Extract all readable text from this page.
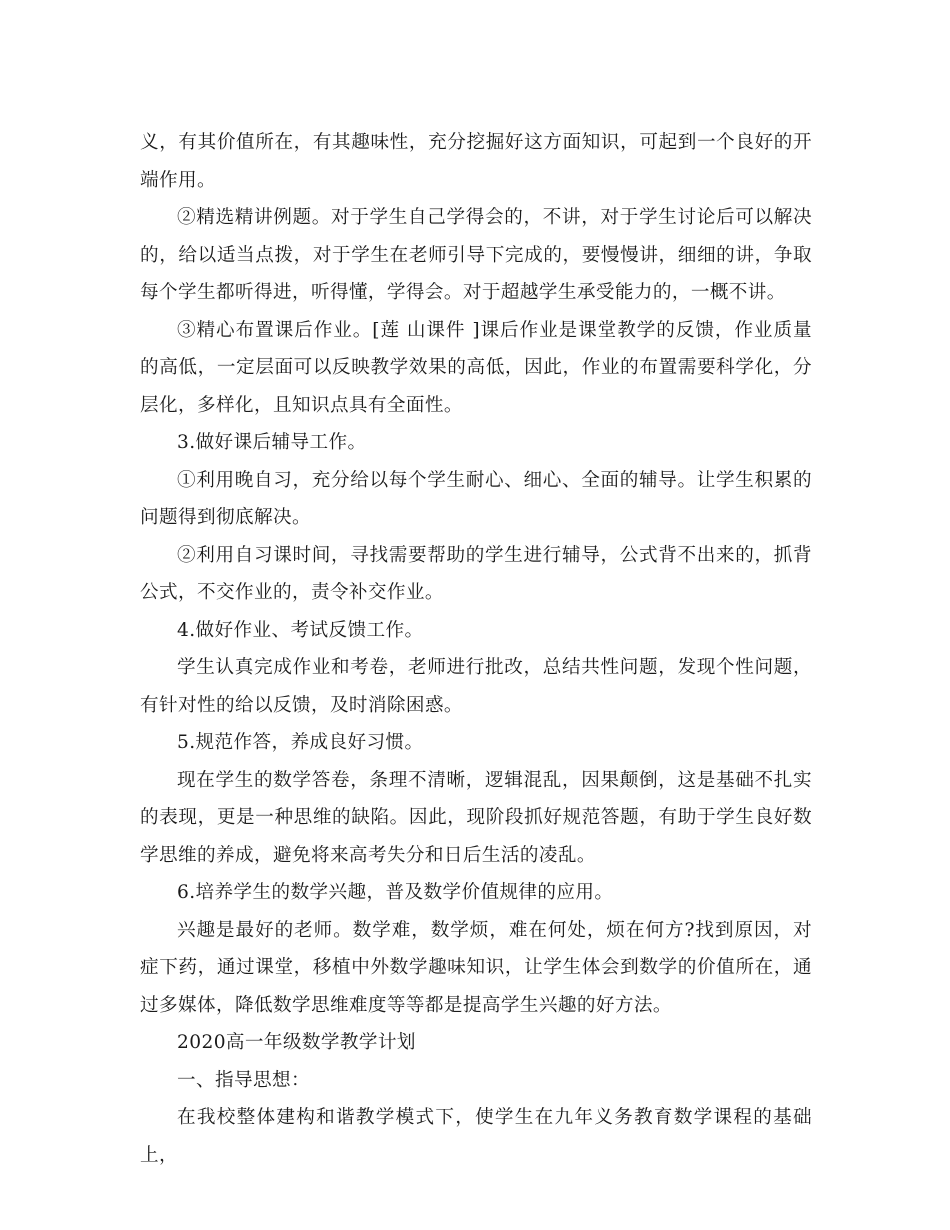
义，有其价值所在，有其趣味性，充分挖掘好这方面知识，可起到一个良好的开端作用。

②精选精讲例题。对于学生自己学得会的，不讲，对于学生讨论后可以解决的，给以适当点拨，对于学生在老师引导下完成的，要慢慢讲，细细的讲，争取每个学生都听得进，听得懂，学得会。对于超越学生承受能力的，一概不讲。

③精心布置课后作业。[莲 山课件 ]课后作业是课堂教学的反馈，作业质量的高低，一定层面可以反映教学效果的高低，因此，作业的布置需要科学化，分层化，多样化，且知识点具有全面性。

3.做好课后辅导工作。

①利用晚自习，充分给以每个学生耐心、细心、全面的辅导。让学生积累的问题得到彻底解决。

②利用自习课时间，寻找需要帮助的学生进行辅导，公式背不出来的，抓背公式，不交作业的，责令补交作业。

4.做好作业、考试反馈工作。

学生认真完成作业和考卷，老师进行批改，总结共性问题，发现个性问题，有针对性的给以反馈，及时消除困惑。

5.规范作答，养成良好习惯。

现在学生的数学答卷，条理不清晰，逻辑混乱，因果颠倒，这是基础不扎实的表现，更是一种思维的缺陷。因此，现阶段抓好规范答题，有助于学生良好数学思维的养成，避免将来高考失分和日后生活的凌乱。

6.培养学生的数学兴趣，普及数学价值规律的应用。

兴趣是最好的老师。数学难，数学烦，难在何处，烦在何方?找到原因，对症下药，通过课堂，移植中外数学趣味知识，让学生体会到数学的价值所在，通过多媒体，降低数学思维难度等等都是提高学生兴趣的好方法。

2020高一年级数学教学计划

一、指导思想：

在我校整体建构和谐教学模式下，使学生在九年义务教育数学课程的基础上，
